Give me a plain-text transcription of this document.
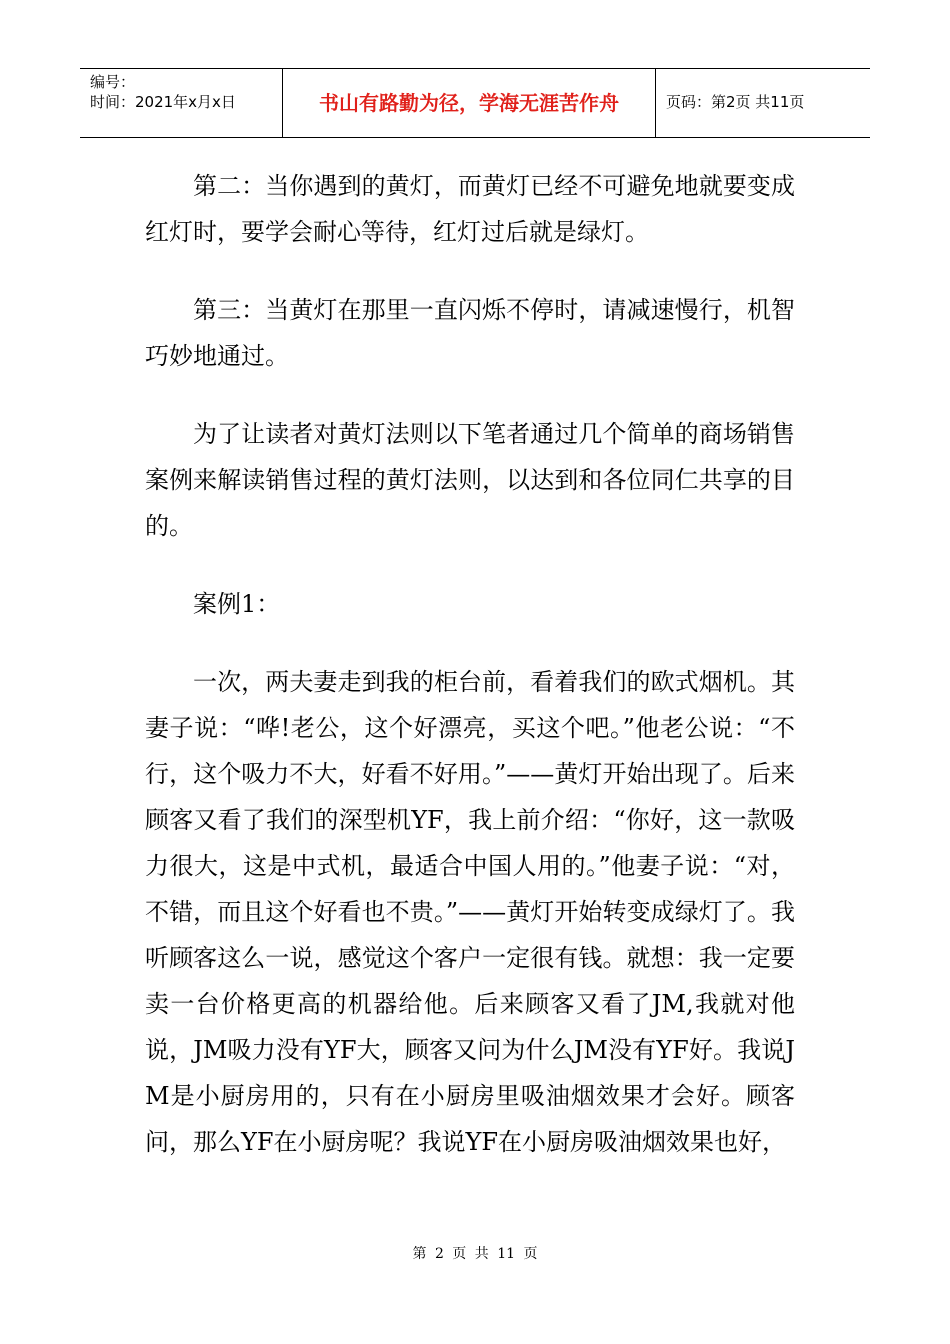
编号：
时间：2021年x月x日	书山有路勤为径，学海无涯苦作舟	页码：第2页 共11页

第二：当你遇到的黄灯，而黄灯已经不可避免地就要变成红灯时，要学会耐心等待，红灯过后就是绿灯。

第三：当黄灯在那里一直闪烁不停时，请减速慢行，机智巧妙地通过。

为了让读者对黄灯法则以下笔者通过几个简单的商场销售案例来解读销售过程的黄灯法则，以达到和各位同仁共享的目的。

案例1：

一次，两夫妻走到我的柜台前，看着我们的欧式烟机。其妻子说：“哗!老公，这个好漂亮，买这个吧。”他老公说：“不行，这个吸力不大，好看不好用。”——黄灯开始出现了。后来顾客又看了我们的深型机YF，我上前介绍：“你好，这一款吸力很大，这是中式机，最适合中国人用的。”他妻子说：“对，不错，而且这个好看也不贵。”——黄灯开始转变成绿灯了。我听顾客这么一说，感觉这个客户一定很有钱。就想：我一定要卖一台价格更高的机器给他。后来顾客又看了JM,我就对他说，JM吸力没有YF大，顾客又问为什么JM没有YF好。我说JM是小厨房用的，只有在小厨房里吸油烟效果才会好。顾客问，那么YF在小厨房呢？我说YF在小厨房吸油烟效果也好，

第 2 页 共 11 页
